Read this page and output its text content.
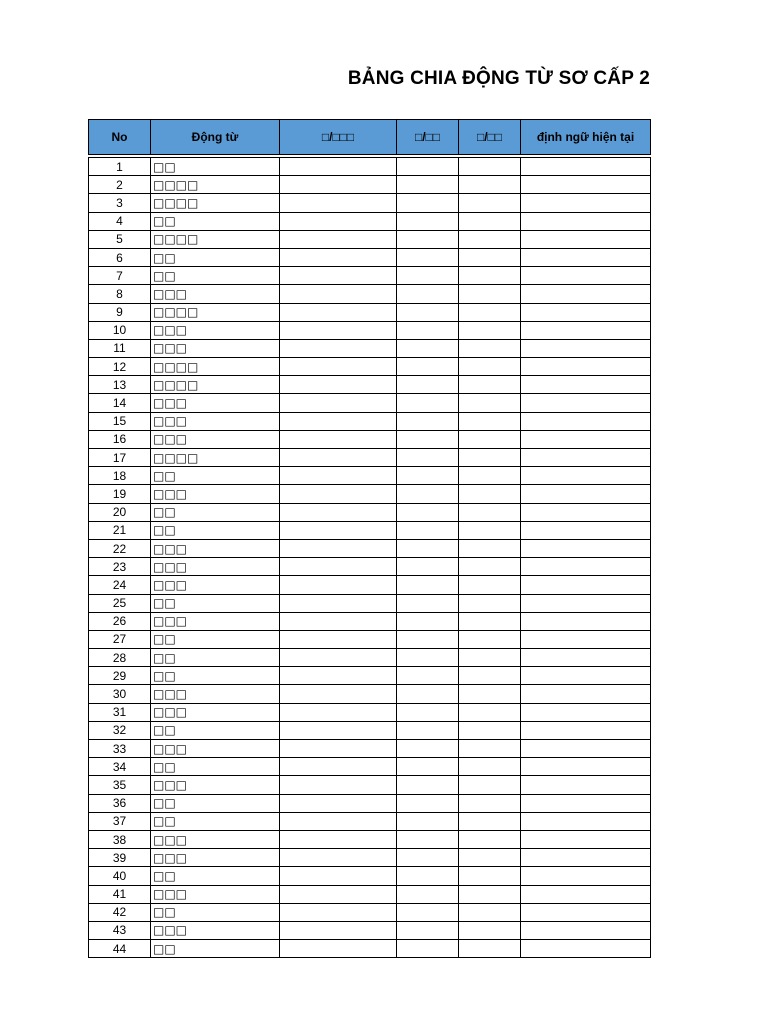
BẢNG CHIA ĐỘNG TỪ SƠ CẤP 2
No	Động từ	□/□□□	□/□□	□/□□	định ngữ hiện tại

1	□□				
2	□□□□				
3	□□□□				
4	□□				
5	□□□□				
6	□□				
7	□□				
8	□□□				
9	□□□□				
10	□□□				
11	□□□				
12	□□□□				
13	□□□□				
14	□□□				
15	□□□				
16	□□□				
17	□□□□				
18	□□				
19	□□□				
20	□□				
21	□□				
22	□□□				
23	□□□				
24	□□□				
25	□□				
26	□□□				
27	□□				
28	□□				
29	□□				
30	□□□				
31	□□□				
32	□□				
33	□□□				
34	□□				
35	□□□				
36	□□				
37	□□				
38	□□□				
39	□□□				
40	□□				
41	□□□				
42	□□				
43	□□□				
44	□□				
